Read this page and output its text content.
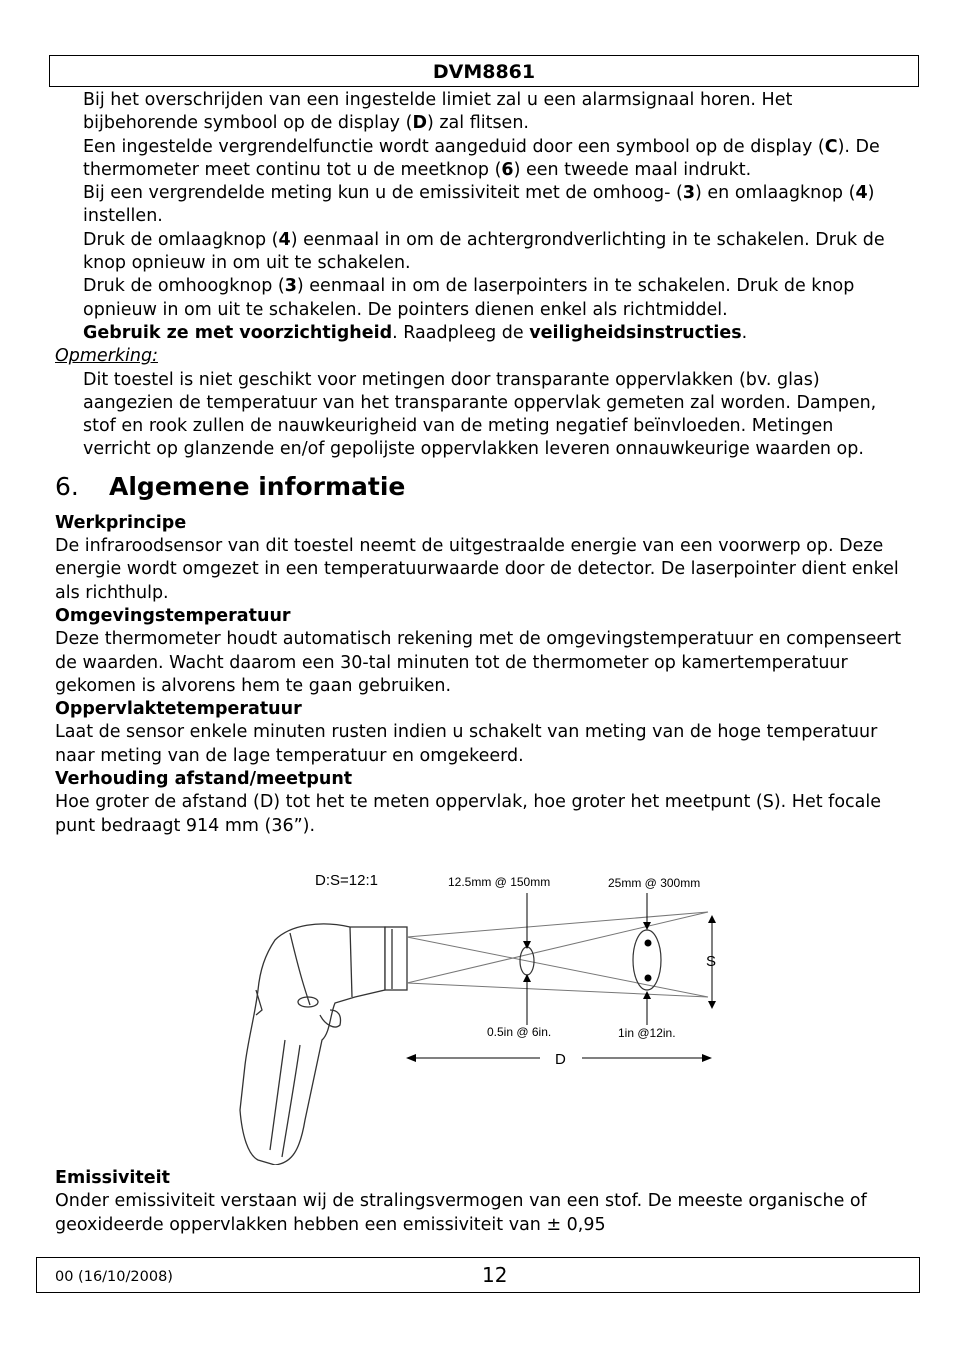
DVM8861

Bij het overschrijden van een ingestelde limiet zal u een alarmsignaal horen. Het bijbehorende symbool op de display (D) zal flitsen.

Een ingestelde vergrendelfunctie wordt aangeduid door een symbool op de display (C). De thermometer meet continu tot u de meetknop (6) een tweede maal indrukt.

Bij een vergrendelde meting kun u de emissiviteit met de omhoog- (3) en omlaagknop (4) instellen.

Druk de omlaagknop (4) eenmaal in om de achtergrondverlichting in te schakelen. Druk de knop opnieuw in om uit te schakelen.

Druk de omhoogknop (3) eenmaal in om de laserpointers in te schakelen. Druk de knop opnieuw in om uit te schakelen. De pointers dienen enkel als richtmiddel.

Gebruik ze met voorzichtigheid. Raadpleeg de veiligheidsinstructies.

Opmerking:
Dit toestel is niet geschikt voor metingen door transparante oppervlakken (bv. glas) aangezien de temperatuur van het transparante oppervlak gemeten zal worden. Dampen, stof en rook zullen de nauwkeurigheid van de meting negatief beïnvloeden. Metingen verricht op glanzende en/of gepolijste oppervlakken leveren onnauwkeurige waarden op.
6. Algemene informatie
Werkprincipe
De infraroodsensor van dit toestel neemt de uitgestraalde energie van een voorwerp op. Deze energie wordt omgezet in een temperatuurwaarde door de detector. De laserpointer dient enkel als richthulp.
Omgevingstemperatuur
Deze thermometer houdt automatisch rekening met de omgevingstemperatuur en compenseert de waarden. Wacht daarom een 30-tal minuten tot de thermometer op kamertemperatuur gekomen is alvorens hem te gaan gebruiken.
Oppervlaktetemperatuur
Laat de sensor enkele minuten rusten indien u schakelt van meting van de hoge temperatuur naar meting van de lage temperatuur en omgekeerd.
Verhouding afstand/meetpunt
Hoe groter de afstand (D) tot het te meten oppervlak, hoe groter het meetpunt (S). Het focale punt bedraagt 914 mm (36”).
D:S=12:1	12.5mm @ 150mm	25mm @ 300mm
S
0.5in @ 6in.	1in @12in.
D
Emissiviteit
Onder emissiviteit verstaan wij de stralingsvermogen van een stof. De meeste organische of geoxideerde oppervlakken hebben een emissiviteit van ± 0,95
00 (16/10/2008)	12
